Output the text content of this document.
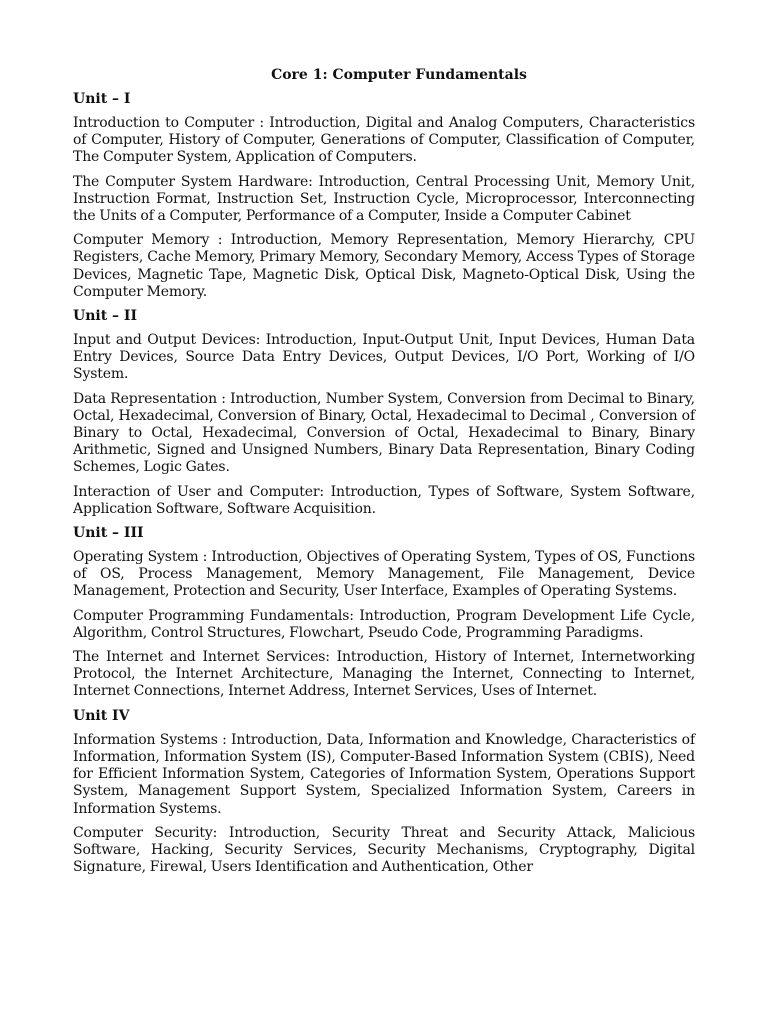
Core 1: Computer Fundamentals
Unit – I

Introduction to Computer : Introduction, Digital and Analog Computers, Characteristics of Computer, History of Computer, Generations of Computer, Classification of Computer, The Computer System, Application of Computers.

The Computer System Hardware: Introduction, Central Processing Unit, Memory Unit, Instruction Format, Instruction Set, Instruction Cycle, Microprocessor, Interconnecting the Units of a Computer, Performance of a Computer, Inside a Computer Cabinet

Computer Memory : Introduction, Memory Representation, Memory Hierarchy, CPU Registers, Cache Memory, Primary Memory, Secondary Memory, Access Types of Storage Devices, Magnetic Tape, Magnetic Disk, Optical Disk, Magneto-Optical Disk, Using the Computer Memory.

Unit – II

Input and Output Devices: Introduction, Input-Output Unit, Input Devices, Human Data Entry Devices, Source Data Entry Devices, Output Devices, I/O Port, Working of I/O System.

Data Representation : Introduction, Number System, Conversion from Decimal to Binary, Octal, Hexadecimal, Conversion of Binary, Octal, Hexadecimal to Decimal , Conversion of Binary to Octal, Hexadecimal, Conversion of Octal, Hexadecimal to Binary, Binary Arithmetic, Signed and Unsigned Numbers, Binary Data Representation, Binary Coding Schemes, Logic Gates.

Interaction of User and Computer: Introduction, Types of Software, System Software, Application Software, Software Acquisition.

Unit – III

Operating System : Introduction, Objectives of Operating System, Types of OS, Functions of OS, Process Management, Memory Management, File Management, Device Management, Protection and Security, User Interface, Examples of Operating Systems.

Computer Programming Fundamentals: Introduction, Program Development Life Cycle, Algorithm, Control Structures, Flowchart, Pseudo Code, Programming Paradigms.

The Internet and Internet Services: Introduction, History of Internet, Internetworking Protocol, the Internet Architecture, Managing the Internet, Connecting to Internet, Internet Connections, Internet Address, Internet Services, Uses of Internet.

Unit IV

Information Systems : Introduction, Data, Information and Knowledge, Characteristics of Information, Information System (IS), Computer-Based Information System (CBIS), Need for Efficient Information System, Categories of Information System, Operations Support System, Management Support System, Specialized Information System, Careers in Information Systems.

Computer Security: Introduction, Security Threat and Security Attack, Malicious Software, Hacking, Security Services, Security Mechanisms, Cryptography, Digital Signature, Firewal, Users Identification and Authentication, Other
